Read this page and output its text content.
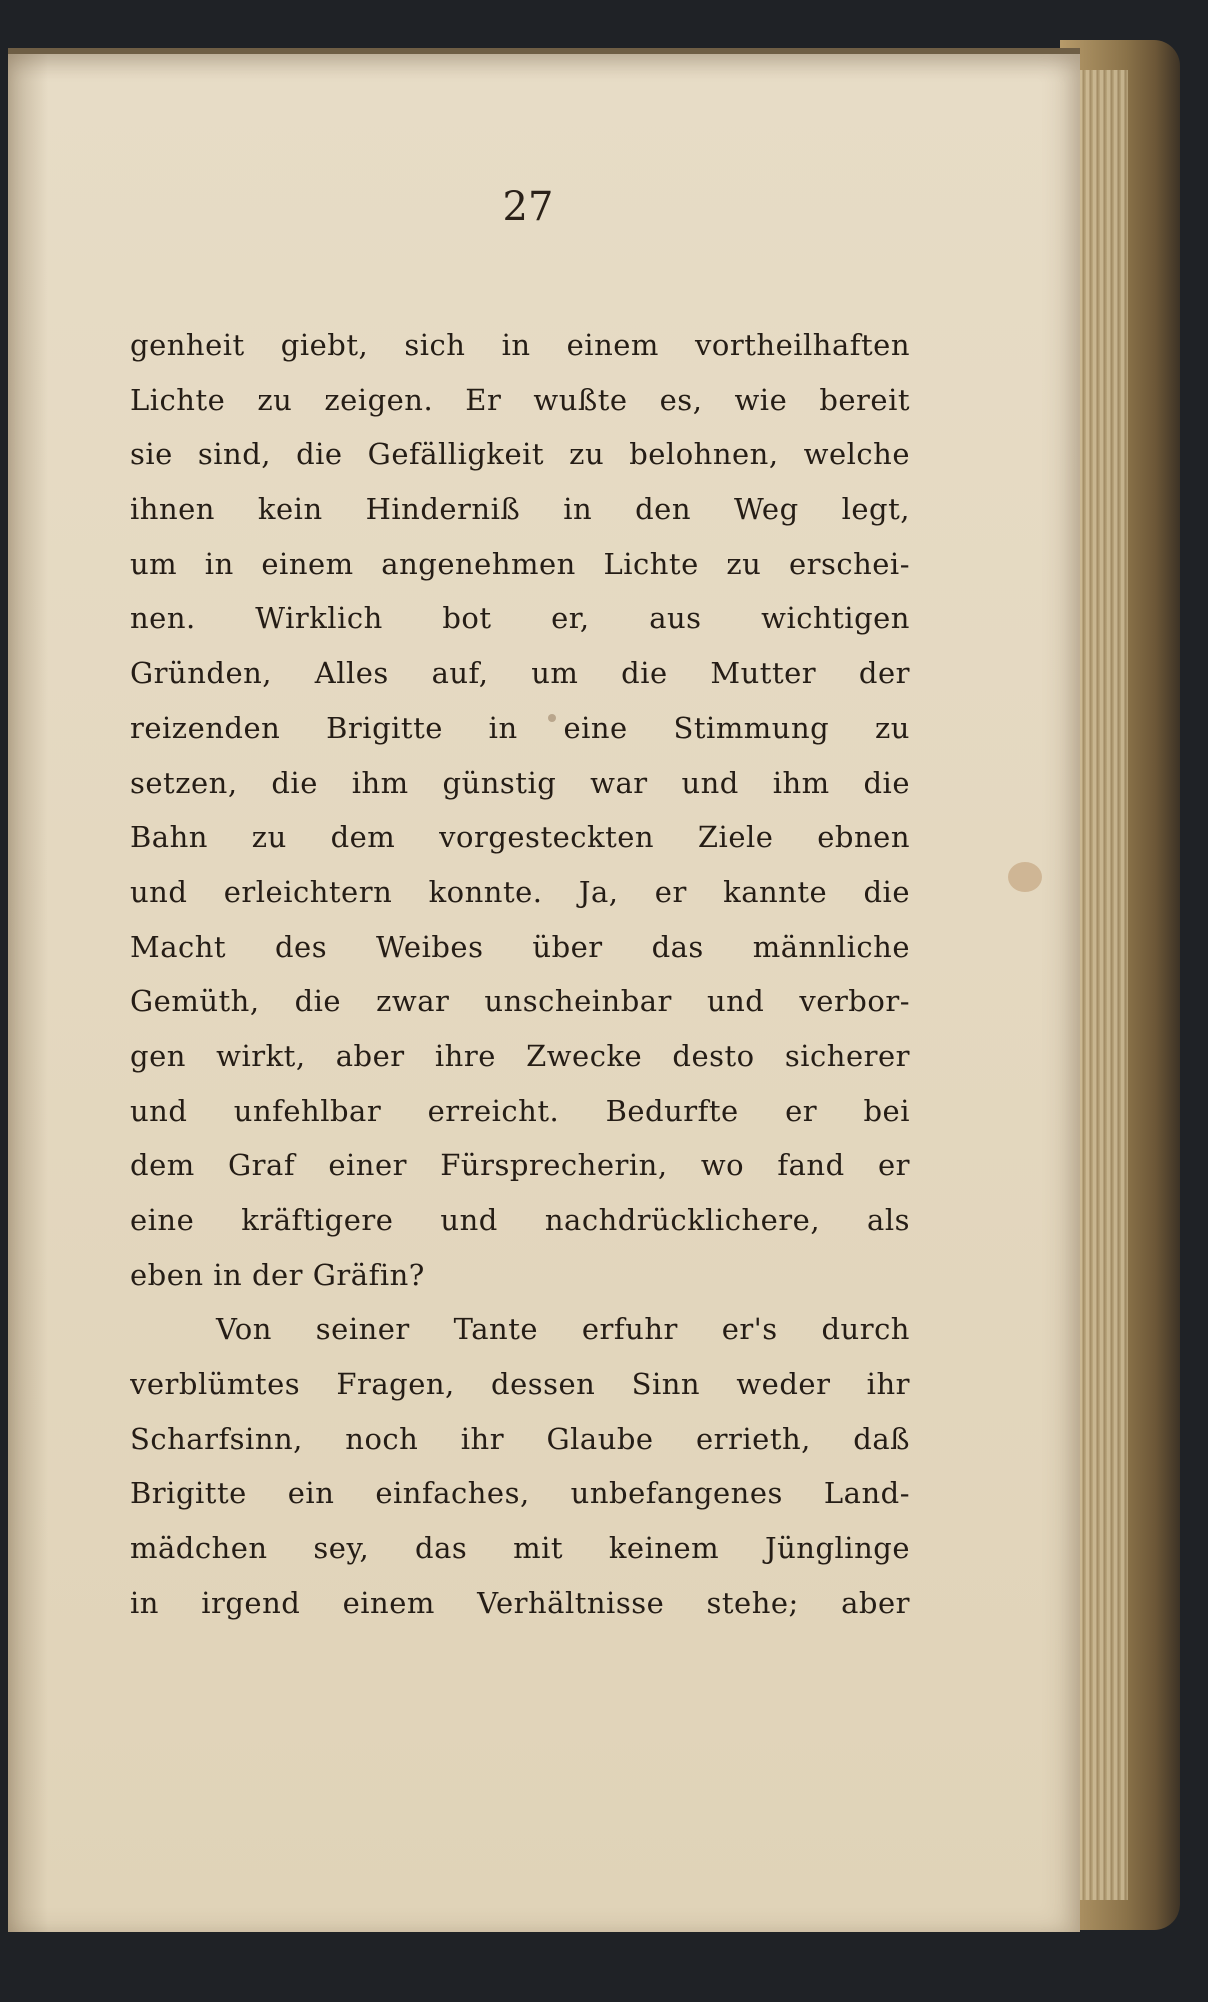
27
genheit giebt, sich in einem vortheilhaften
Lichte zu zeigen. Er wußte es, wie bereit
sie sind, die Gefälligkeit zu belohnen, welche
ihnen kein Hinderniß in den Weg legt,
um in einem angenehmen Lichte zu erschei-
nen. Wirklich bot er, aus wichtigen
Gründen, Alles auf, um die Mutter der
reizenden Brigitte in eine Stimmung zu
setzen, die ihm günstig war und ihm die
Bahn zu dem vorgesteckten Ziele ebnen
und erleichtern konnte. Ja, er kannte die
Macht des Weibes über das männliche
Gemüth, die zwar unscheinbar und verbor-
gen wirkt, aber ihre Zwecke desto sicherer
und unfehlbar erreicht. Bedurfte er bei
dem Graf einer Fürsprecherin, wo fand er
eine kräftigere und nachdrücklichere, als
eben in der Gräfin?
Von seiner Tante erfuhr er's durch
verblümtes Fragen, dessen Sinn weder ihr
Scharfsinn, noch ihr Glaube errieth, daß
Brigitte ein einfaches, unbefangenes Land-
mädchen sey, das mit keinem Jünglinge
in irgend einem Verhältnisse stehe; aber
